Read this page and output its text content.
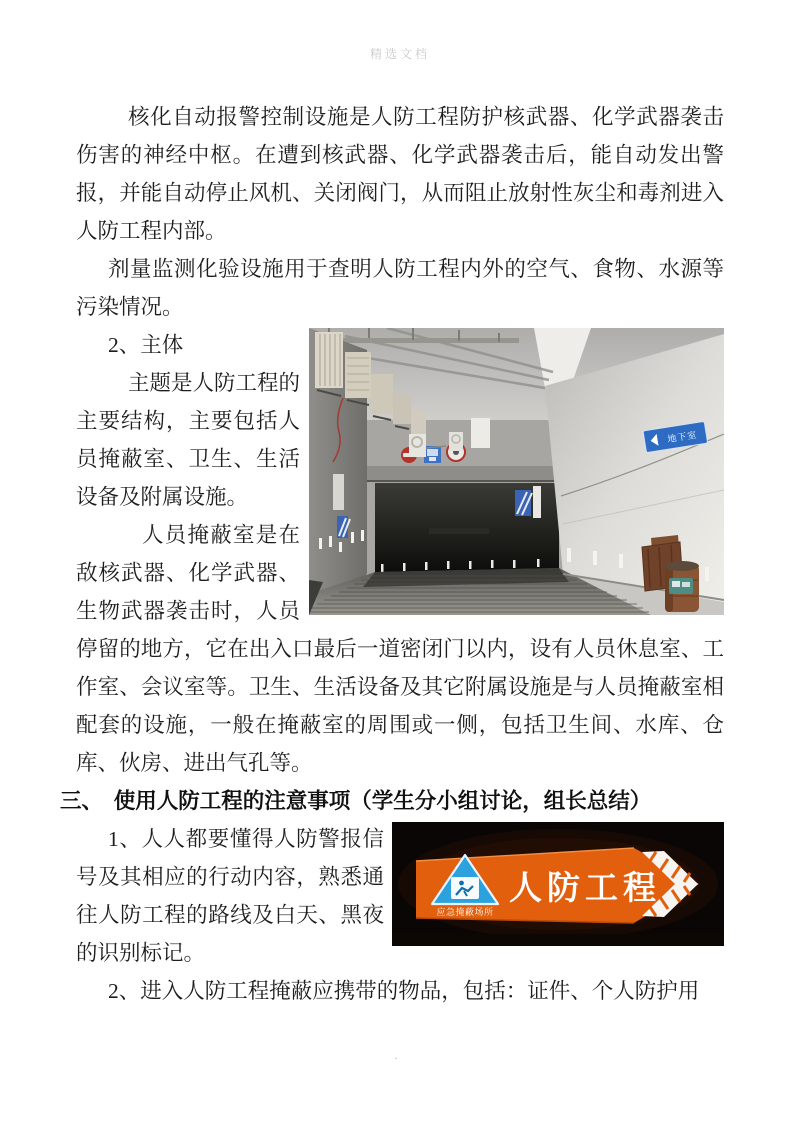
精选文档

核化自动报警控制设施是人防工程防护核武器、化学武器袭击伤害的神经中枢。在遭到核武器、化学武器袭击后，能自动发出警报，并能自动停止风机、关闭阀门，从而阻止放射性灰尘和毒剂进入人防工程内部。

剂量监测化验设施用于查明人防工程内外的空气、食物、水源等污染情况。

地下室
2、主体

主题是人防工程的主要结构，主要包括人员掩蔽室、卫生、生活设备及附属设施。

人员掩蔽室是在敌核武器、化学武器、生物武器袭击时，人员停留的地方，它在出入口最后一道密闭门以内，设有人员休息室、工作室、会议室等。卫生、生活设备及其它附属设施是与人员掩蔽室相配套的设施，一般在掩蔽室的周围或一侧，包括卫生间、水库、仓库、伙房、进出气孔等。

三、　使用人防工程的注意事项（学生分小组讨论，组长总结）

应急掩蔽场所
人防工程
1、人人都要懂得人防警报信号及其相应的行动内容，熟悉通往人防工程的路线及白天、黑夜的识别标记。

2、进入人防工程掩蔽应携带的物品，包括：证件、个人防护用

·
